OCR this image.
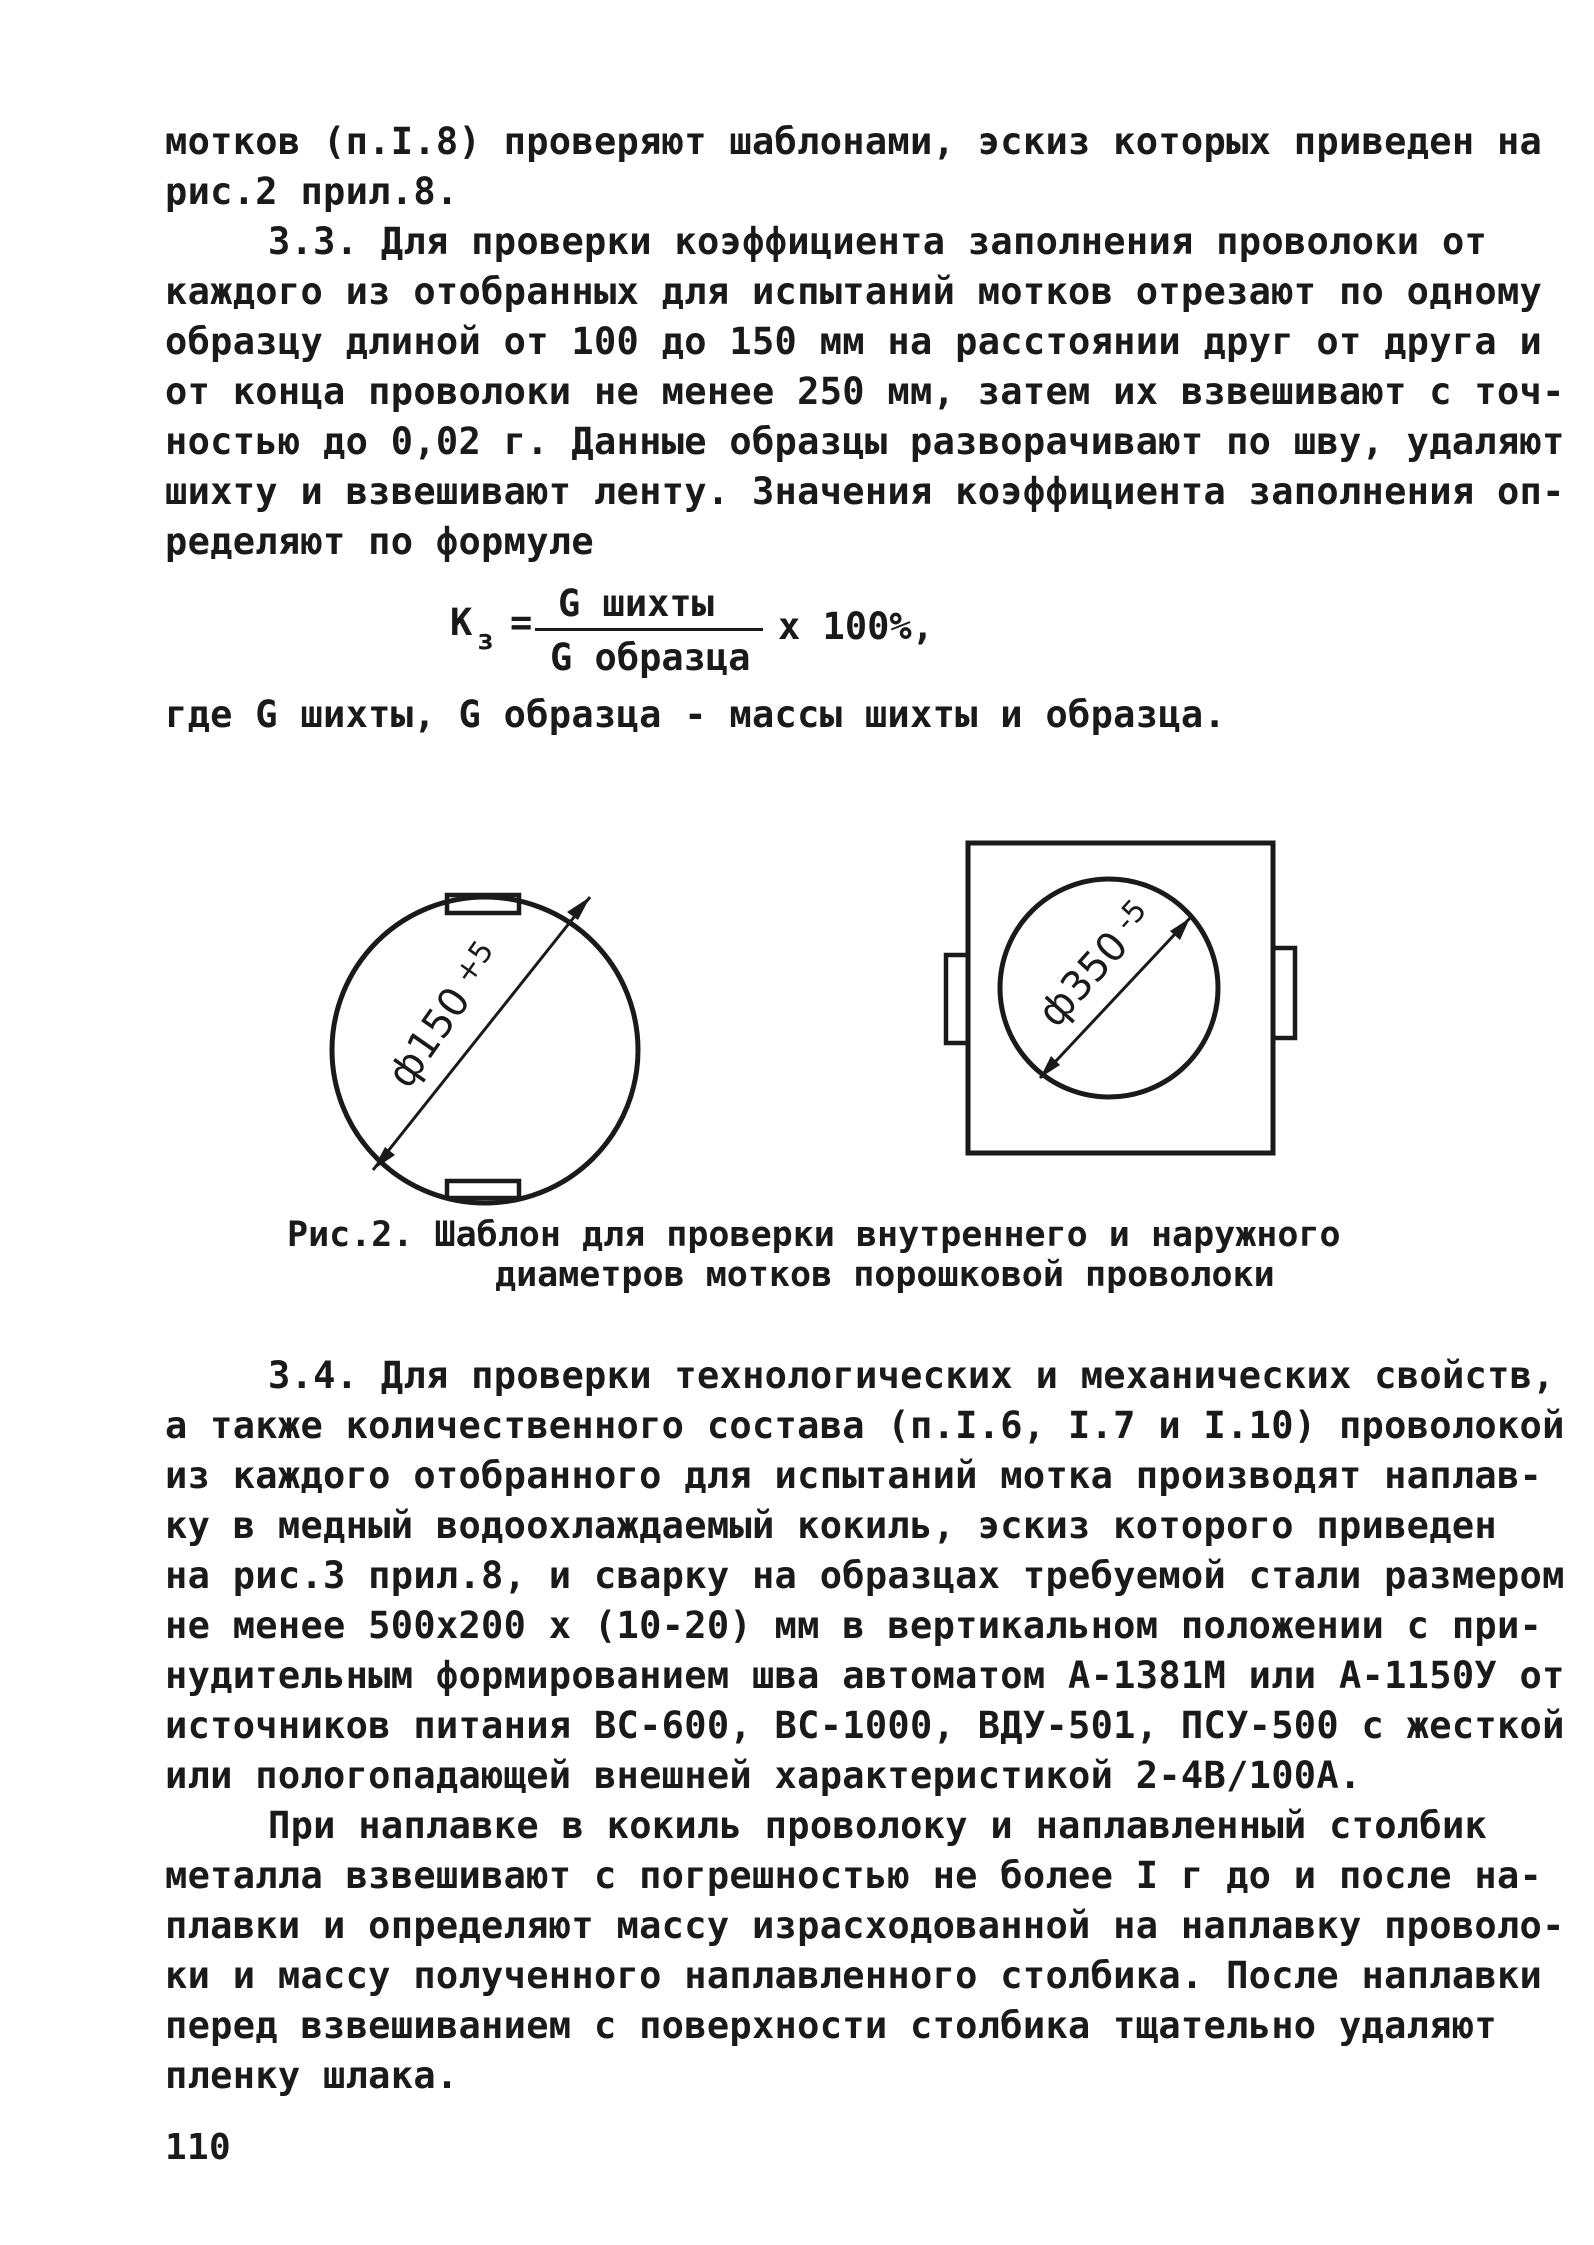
мотков (п.I.8) проверяют шаблонами, эскиз которых приведен на
рис.2 прил.8.
3.3. Для проверки коэффициента заполнения проволоки от
каждого из отобранных для испытаний мотков отрезают по одному
образцу длиной от 100 до 150 мм на расстоянии друг от друга и
от конца проволоки не менее 250 мм, затем их взвешивают с точ-
ностью до 0,02 г. Данные образцы разворачивают по шву, удаляют
шихту и взвешивают ленту. Значения коэффициента заполнения оп-
ределяют по формуле
К з = G шихты
G образца
х 100%,
где G шихты, G образца - массы шихты и образца.
ф150
+5	ф350
-5
Рис.2. Шаблон для проверки внутреннего и наружного
диаметров мотков порошковой проволоки
3.4. Для проверки технологических и механических свойств,
а также количественного состава (п.I.6, I.7 и I.10) проволокой
из каждого отобранного для испытаний мотка производят наплав-
ку в медный водоохлаждаемый кокиль, эскиз которого приведен
на рис.3 прил.8, и сварку на образцах требуемой стали размером
не менее 500х200 х (10-20) мм в вертикальном положении с при-
нудительным формированием шва автоматом А-1381М или А-1150У от
источников питания ВС-600, ВС-1000, ВДУ-501, ПСУ-500 с жесткой
или пологопадающей внешней характеристикой 2-4В/100А.
При наплавке в кокиль проволоку и наплавленный столбик
металла взвешивают с погрешностью не более I г до и после на-
плавки и определяют массу израсходованной на наплавку проволо-
ки и массу полученного наплавленного столбика. После наплавки
перед взвешиванием с поверхности столбика тщательно удаляют
пленку шлака.
110
